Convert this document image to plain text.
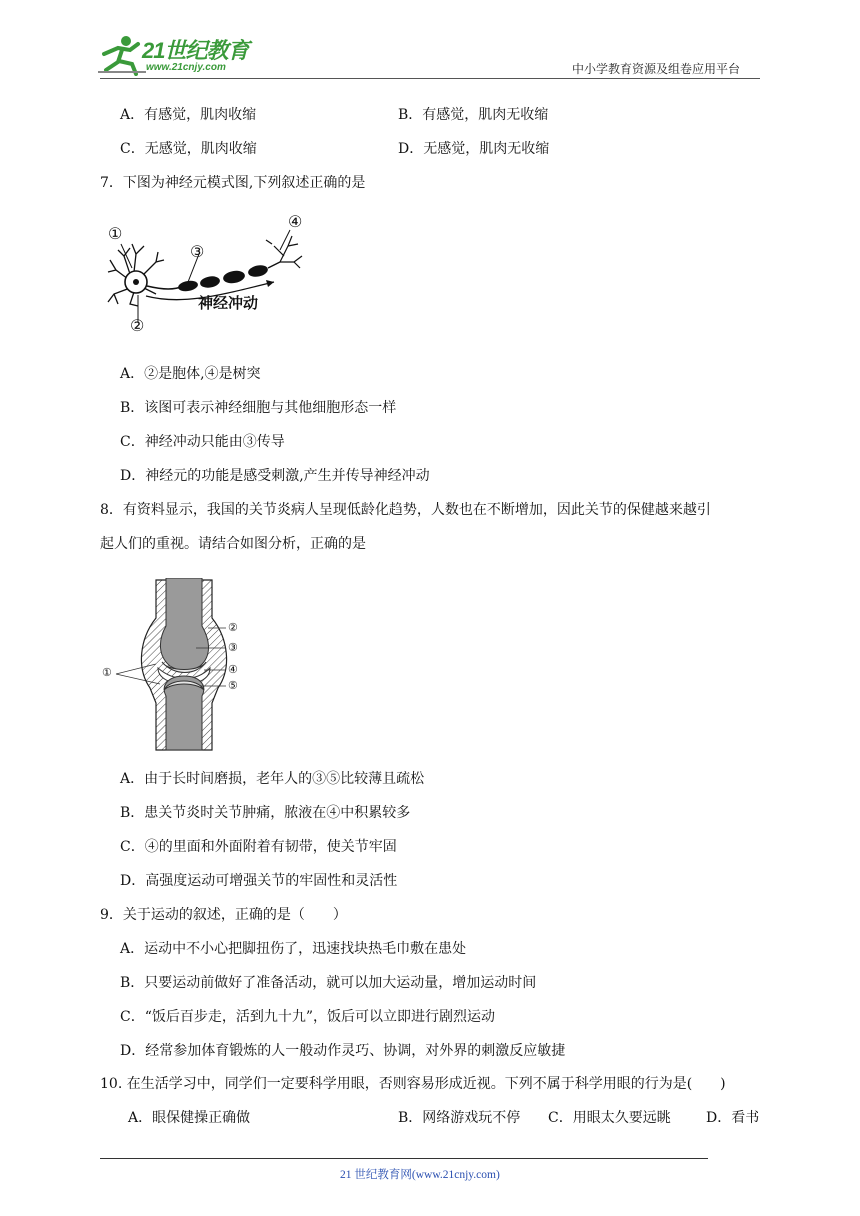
21世纪教育
www.21cnjy.com	中小学教育资源及组卷应用平台
A．有感觉，肌肉收缩	B．有感觉，肌肉无收缩
C．无感觉，肌肉收缩	D．无感觉，肌肉无收缩
7．下图为神经元模式图,下列叙述正确的是
①
②
③
④
神经冲动
A．②是胞体,④是树突
B．该图可表示神经细胞与其他细胞形态一样
C．神经冲动只能由③传导
D．神经元的功能是感受刺激,产生并传导神经冲动
8．有资料显示，我国的关节炎病人呈现低龄化趋势，人数也在不断增加，因此关节的保健越来越引
起人们的重视。请结合如图分析，正确的是
①
②
③
④
⑤
A．由于长时间磨损，老年人的③⑤比较薄且疏松
B．患关节炎时关节肿痛，脓液在④中积累较多
C．④的里面和外面附着有韧带，使关节牢固
D．高强度运动可增强关节的牢固性和灵活性
9．关于运动的叙述，正确的是（　　）
A．运动中不小心把脚扭伤了，迅速找块热毛巾敷在患处
B．只要运动前做好了准备活动，就可以加大运动量，增加运动时间
C．“饭后百步走，活到九十九”，饭后可以立即进行剧烈运动
D．经常参加体育锻炼的人一般动作灵巧、协调，对外界的刺激反应敏捷
10. 在生活学习中，同学们一定要科学用眼，否则容易形成近视。下列不属于科学用眼的行为是(　　)
A．眼保健操正确做	B．网络游戏玩不停 C．用眼太久要远眺	D．看书
21 世纪教育网(www.21cnjy.com)
